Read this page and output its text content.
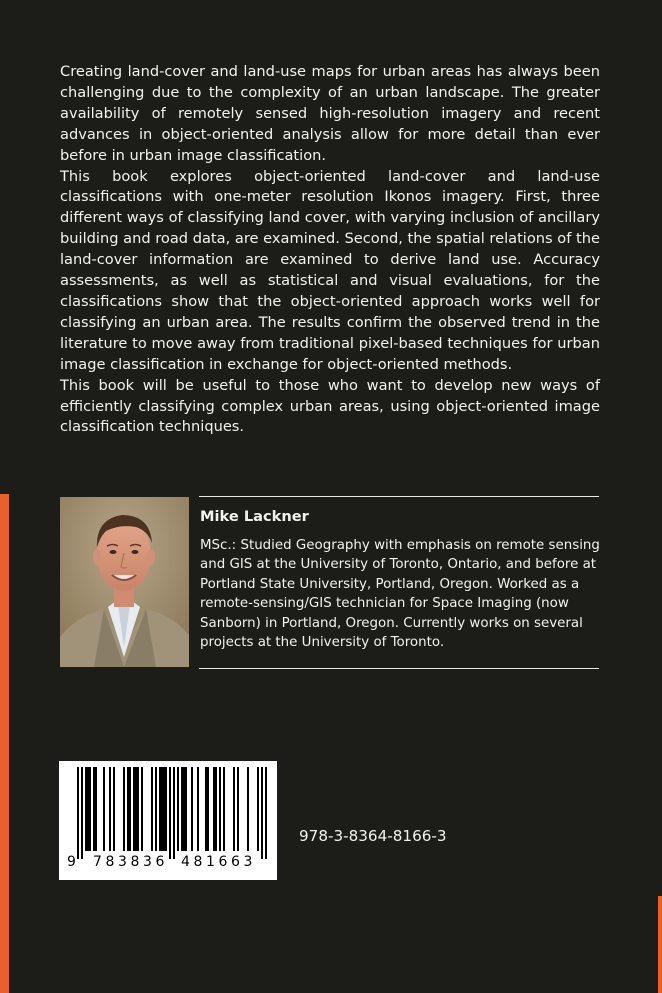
Creating land-cover and land-use maps for urban areas has always been challenging due to the complexity of an urban landscape. The greater availability of remotely sensed high-resolution imagery and recent advances in object-oriented analysis allow for more detail than ever before in urban image classification.

This book explores object-oriented land-cover and land-use classifications with one-meter resolution Ikonos imagery. First, three different ways of classifying land cover, with varying inclusion of ancillary building and road data, are examined. Second, the spatial relations of the land-cover information are examined to derive land use. Accuracy assessments, as well as statistical and visual evaluations, for the classifications show that the object-oriented approach works well for classifying an urban area. The results confirm the observed trend in the literature to move away from traditional pixel-based techniques for urban image classification in exchange for object-oriented methods.

This book will be useful to those who want to develop new ways of efficiently classifying complex urban areas, using object-oriented image classification techniques.

Mike Lackner
MSc.: Studied Geography with emphasis on remote sensing and GIS at the University of Toronto, Ontario, and before at Portland State University, Portland, Oregon. Worked as a remote-sensing/GIS technician for Space Imaging (now Sanborn) in Portland, Oregon. Currently works on several projects at the University of Toronto.
9 783836 481663
978-3-8364-8166-3
